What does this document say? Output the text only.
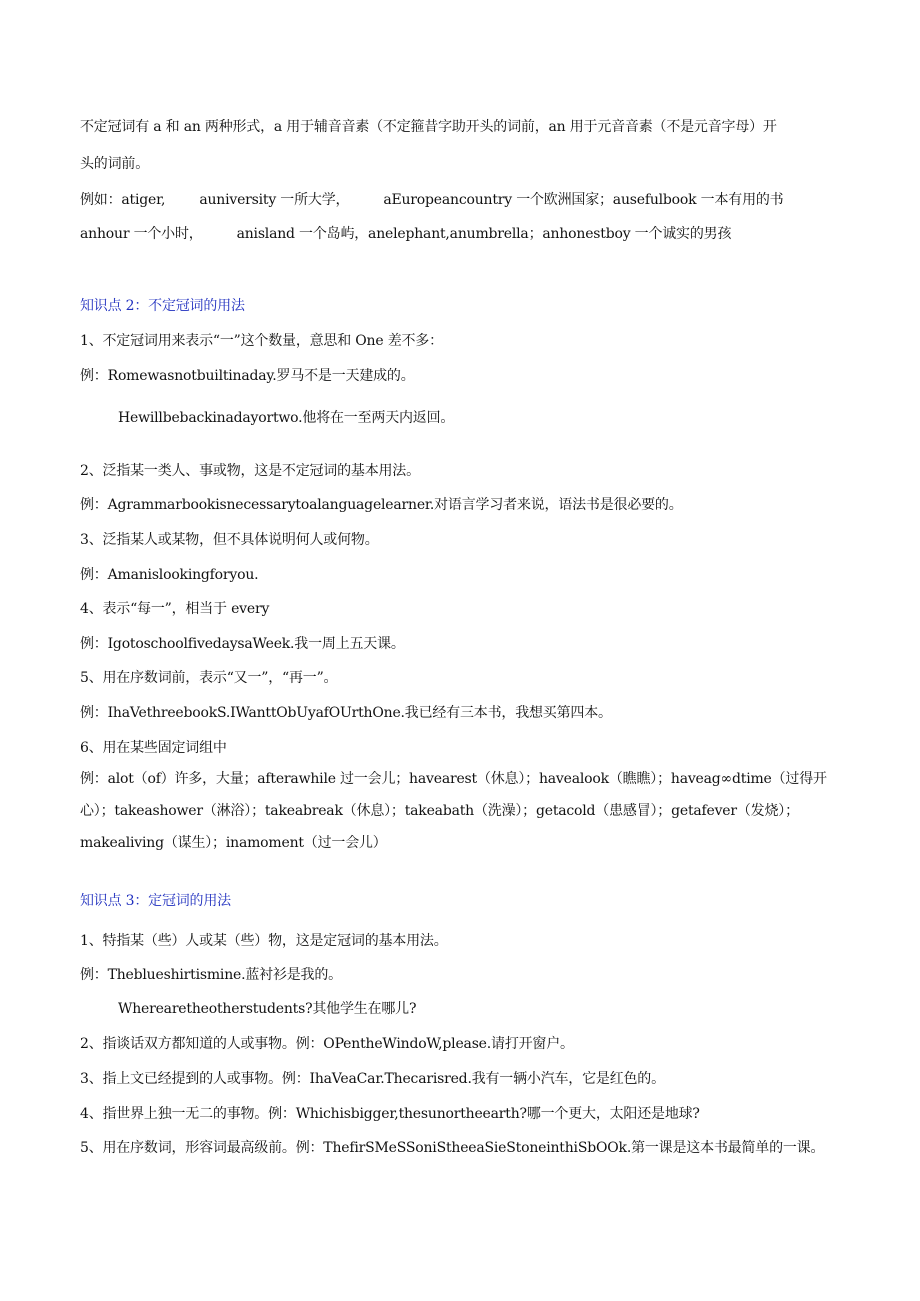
不定冠词有 a 和 an 两种形式，a 用于辅音音素（不定箍昔字助开头的词前，an 用于元音音素（不是元音字母）开
头的词前。
例如：atiger, auniversity 一所大学， aEuropeancountry 一个欧洲国家；ausefulbook 一本有用的书
anhour 一个小时， anisland 一个岛屿，anelephant,anumbrella；anhonestboy 一个诚实的男孩
知识点 2：不定冠词的用法
1、不定冠词用来表示“一”这个数量，意思和 One 差不多：
例：Romewasnotbuiltinaday.罗马不是一天建成的。
Hewillbebackinadayortwo.他将在一至两天内返回。
2、泛指某一类人、事或物，这是不定冠词的基本用法。
例：Agrammarbookisnecessarytoalanguagelearner.对语言学习者来说，语法书是很必要的。
3、泛指某人或某物，但不具体说明何人或何物。
例：Amanislookingforyou.
4、表示“每一”，相当于 every
例：IgotoschoolfivedaysaWeek.我一周上五天课。
5、用在序数词前，表示“又一”，“再一”。
例：IhaVethreebookS.IWanttObUyafOUrthOne.我已经有三本书，我想买第四本。
6、用在某些固定词组中
例：alot（of）许多，大量；afterawhile 过一会儿；havearest（休息）；havealook（瞧瞧）；haveag∞dtime（过得开心）；takeashower（淋浴）；takeabreak（休息）；takeabath（洗澡）；getacold（患感冒）；getafever（发烧）；makealiving（谋生）；inamoment（过一会儿）
知识点 3：定冠词的用法
1、特指某（些）人或某（些）物，这是定冠词的基本用法。
例：Theblueshirtismine.蓝衬衫是我的。
Wherearetheotherstudents?其他学生在哪儿?
2、指谈话双方都知道的人或事物。例：OPentheWindoW,please.请打开窗户。
3、指上文已经提到的人或事物。例：IhaVeaCar.Thecarisred.我有一辆小汽车，它是红色的。
4、指世界上独一无二的事物。例：Whichisbigger,thesunortheearth?哪一个更大，太阳还是地球?
5、用在序数词，形容词最高级前。例：ThefirSMeSSoniStheeaSieStoneinthiSbOOk.第一课是这本书最简单的一课。
